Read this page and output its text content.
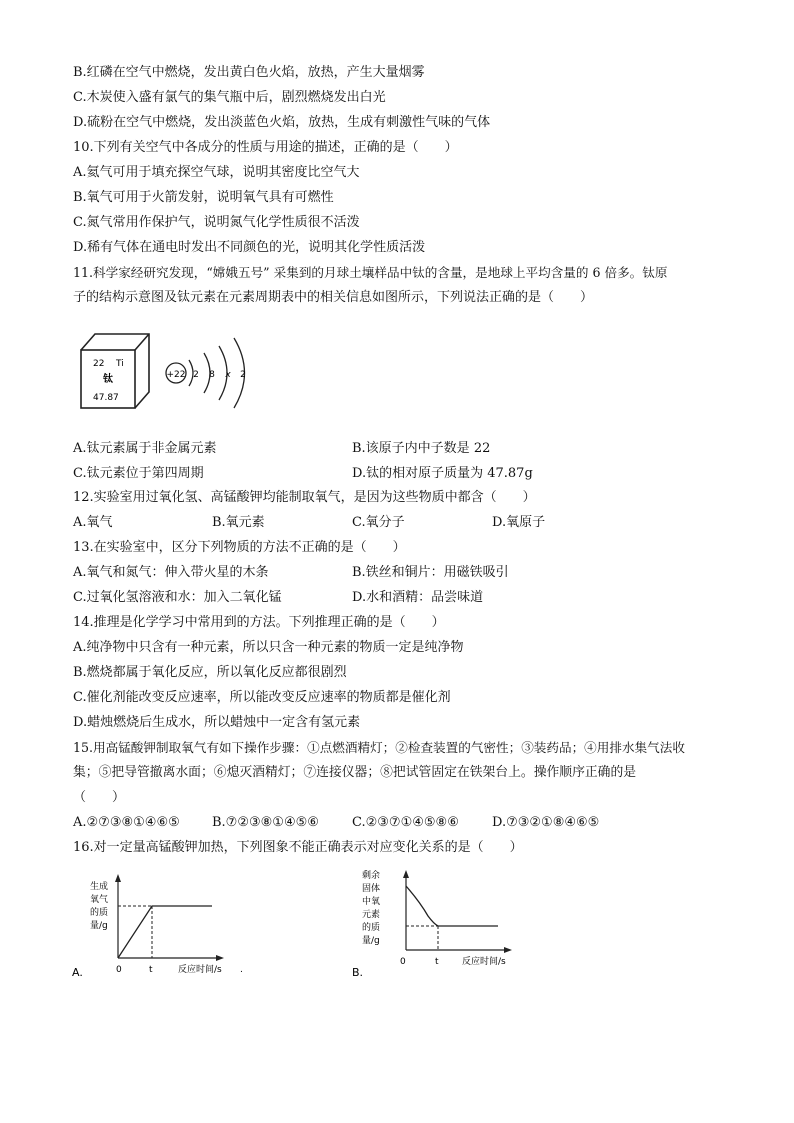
B.红磷在空气中燃烧，发出黄白色火焰，放热，产生大量烟雾
C.木炭使入盛有氯气的集气瓶中后，剧烈燃烧发出白光
D.硫粉在空气中燃烧，发出淡蓝色火焰，放热，生成有刺激性气味的气体
10.下列有关空气中各成分的性质与用途的描述，正确的是（　　）
A.氦气可用于填充探空气球，说明其密度比空气大
B.氧气可用于火箭发射，说明氧气具有可燃性
C.氮气常用作保护气，说明氮气化学性质很不活泼
D.稀有气体在通电时发出不同颜色的光，说明其化学性质活泼
11.科学家经研究发现，“嫦娥五号” 采集到的月球土壤样品中钛的含量，是地球上平均含量的 6 倍多。钛原
子的结构示意图及钛元素在元素周期表中的相关信息如图所示，下列说法正确的是（　　）
22 Ti
钛
47.87
+22 2 8 x 2
A.钛元素属于非金属元素	B.该原子内中子数是 22
C.钛元素位于第四周期	D.钛的相对原子质量为 47.87g
12.实验室用过氧化氢、高锰酸钾均能制取氧气，是因为这些物质中都含（　　）
A.氧气	B.氧元素	C.氧分子	D.氧原子
13.在实验室中，区分下列物质的方法不正确的是（　　）
A.氧气和氮气：伸入带火星的木条	B.铁丝和铜片：用磁铁吸引
C.过氧化氢溶液和水：加入二氧化锰	D.水和酒精：品尝味道
14.推理是化学学习中常用到的方法。下列推理正确的是（　　）
A.纯净物中只含有一种元素，所以只含一种元素的物质一定是纯净物
B.燃烧都属于氧化反应，所以氧化反应都很剧烈
C.催化剂能改变反应速率，所以能改变反应速率的物质都是催化剂
D.蜡烛燃烧后生成水，所以蜡烛中一定含有氢元素
15.用高锰酸钾制取氧气有如下操作步骤：①点燃酒精灯；②检查装置的气密性；③装药品；④用排水集气法收
集；⑤把导管撤离水面；⑥熄灭酒精灯；⑦连接仪器；⑧把试管固定在铁架台上。操作顺序正确的是
（　　）
A.②⑦③⑧①④⑥⑤ B.⑦②③⑧①④⑤⑥	C.②③⑦①④⑤⑧⑥	D.⑦③②①⑧④⑥⑤
16.对一定量高锰酸钾加热，下列图象不能正确表示对应变化关系的是（　　）
A.
生成
氧气
的质
量/g
0	t	反应时间/s .	B.
剩余
固体
中氧
元素
的质
量/g
0	t	反应时间/s
